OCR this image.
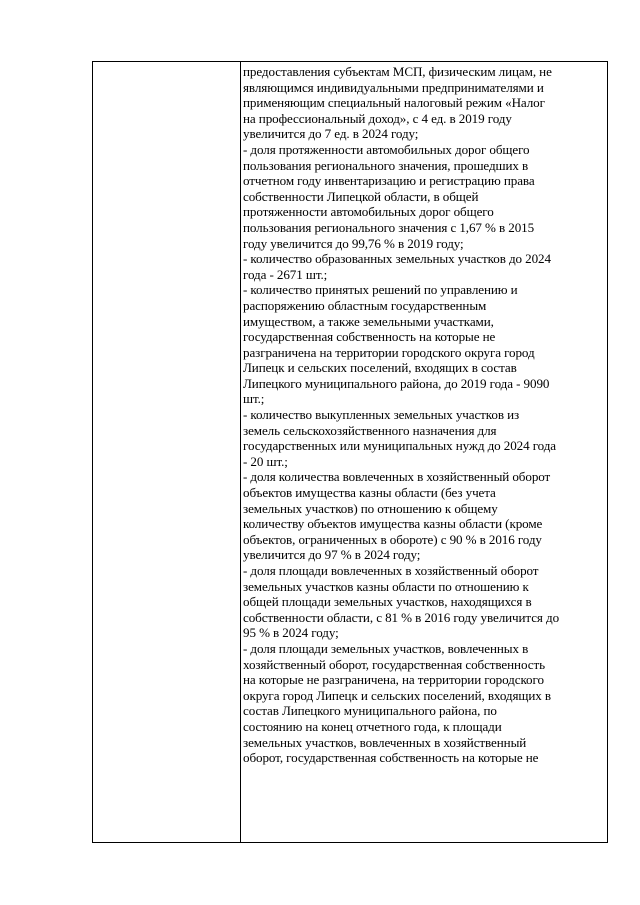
предоставления субъектам МСП, физическим лицам, не
являющимся индивидуальными предпринимателями и
применяющим специальный налоговый режим «Налог
на профессиональный доход», с 4 ед. в 2019 году
увеличится до 7 ед. в 2024 году;
- доля протяженности автомобильных дорог общего
пользования регионального значения, прошедших в
отчетном году инвентаризацию и регистрацию права
собственности Липецкой области, в общей
протяженности автомобильных дорог общего
пользования регионального значения с 1,67 % в 2015
году увеличится до 99,76 % в 2019 году;
- количество образованных земельных участков до 2024
года - 2671 шт.;
- количество принятых решений по управлению и
распоряжению областным государственным
имуществом, а также земельными участками,
государственная собственность на которые не
разграничена на территории городского округа город
Липецк и сельских поселений, входящих в состав
Липецкого муниципального района, до 2019 года - 9090
шт.;
- количество выкупленных земельных участков из
земель сельскохозяйственного назначения для
государственных или муниципальных нужд до 2024 года
- 20 шт.;
- доля количества вовлеченных в хозяйственный оборот
объектов имущества казны области (без учета
земельных участков) по отношению к общему
количеству объектов имущества казны области (кроме
объектов, ограниченных в обороте) с 90 % в 2016 году
увеличится до 97 % в 2024 году;
- доля площади вовлеченных в хозяйственный оборот
земельных участков казны области по отношению к
общей площади земельных участков, находящихся в
собственности области, с 81 % в 2016 году увеличится до
95 % в 2024 году;
- доля площади земельных участков, вовлеченных в
хозяйственный оборот, государственная собственность
на которые не разграничена, на территории городского
округа город Липецк и сельских поселений, входящих в
состав Липецкого муниципального района, по
состоянию на конец отчетного года, к площади
земельных участков, вовлеченных в хозяйственный
оборот, государственная собственность на которые не
